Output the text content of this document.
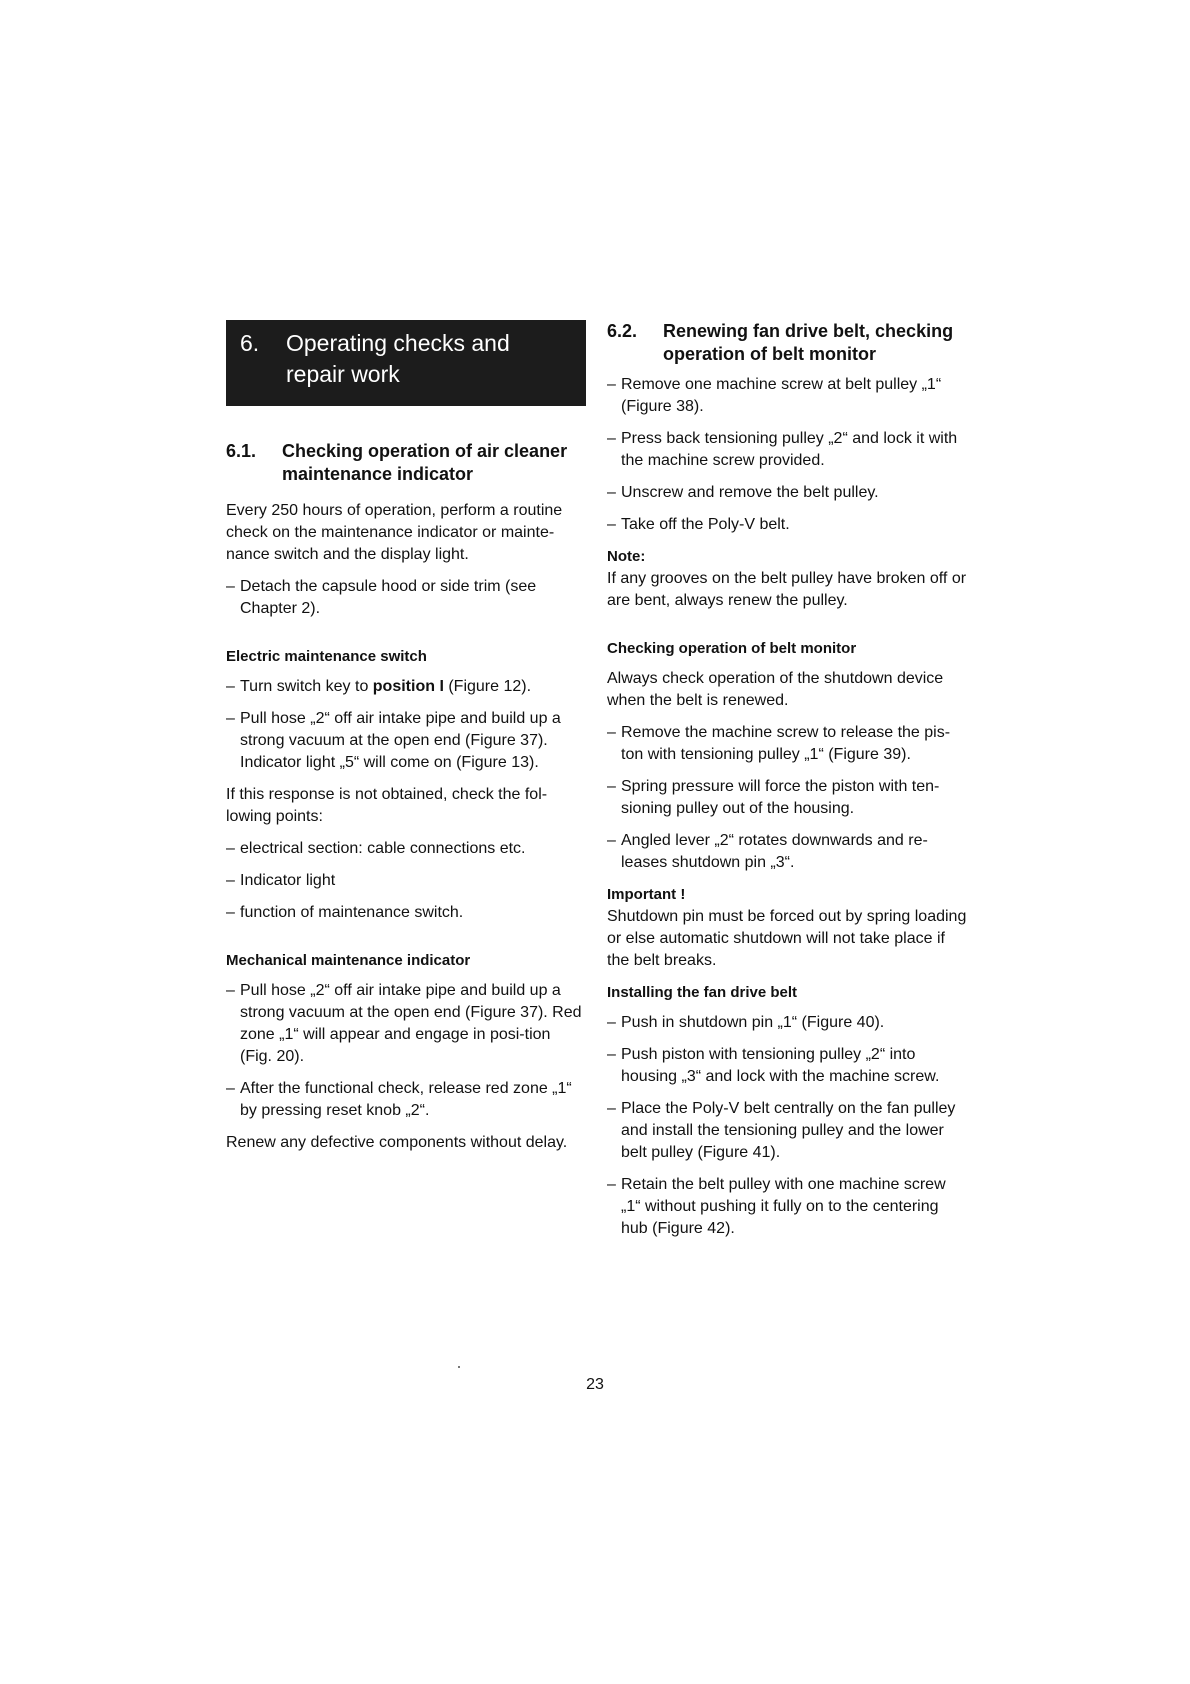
6.	Operating checks and repair work
6.1.	Checking operation of air cleaner maintenance indicator

Every 250 hours of operation, perform a routine check on the maintenance indicator or mainte-nance switch and the display light.

– Detach the capsule hood or side trim (see Chapter 2).
Electric maintenance switch
– Turn switch key to position I (Figure 12).
– Pull hose „2“ off air intake pipe and build up a strong vacuum at the open end (Figure 37). Indicator light „5“ will come on (Figure 13).

If this response is not obtained, check the fol-lowing points:

– electrical section: cable connections etc.
– Indicator light
– function of maintenance switch.
Mechanical maintenance indicator
– Pull hose „2“ off air intake pipe and build up a strong vacuum at the open end (Figure 37). Red zone „1“ will appear and engage in posi-tion (Fig. 20).
– After the functional check, release red zone „1“ by pressing reset knob „2“.

Renew any defective components without delay.

6.2.	Renewing fan drive belt, checking operation of belt monitor
– Remove one machine screw at belt pulley „1“ (Figure 38).
– Press back tensioning pulley „2“ and lock it with the machine screw provided.
– Unscrew and remove the belt pulley.
– Take off the Poly-V belt.

Note:
If any grooves on the belt pulley have broken off or are bent, always renew the pulley.

Checking operation of belt monitor

Always check operation of the shutdown device when the belt is renewed.

– Remove the machine screw to release the pis-ton with tensioning pulley „1“ (Figure 39).
– Spring pressure will force the piston with ten-sioning pulley out of the housing.
– Angled lever „2“ rotates downwards and re-leases shutdown pin „3“.

Important !
Shutdown pin must be forced out by spring loading or else automatic shutdown will not take place if the belt breaks.

Installing the fan drive belt
– Push in shutdown pin „1“ (Figure 40).
– Push piston with tensioning pulley „2“ into housing „3“ and lock with the machine screw.
– Place the Poly-V belt centrally on the fan pulley and install the tensioning pulley and the lower belt pulley (Figure 41).
– Retain the belt pulley with one machine screw „1“ without pushing it fully on to the centering hub (Figure 42).
23
